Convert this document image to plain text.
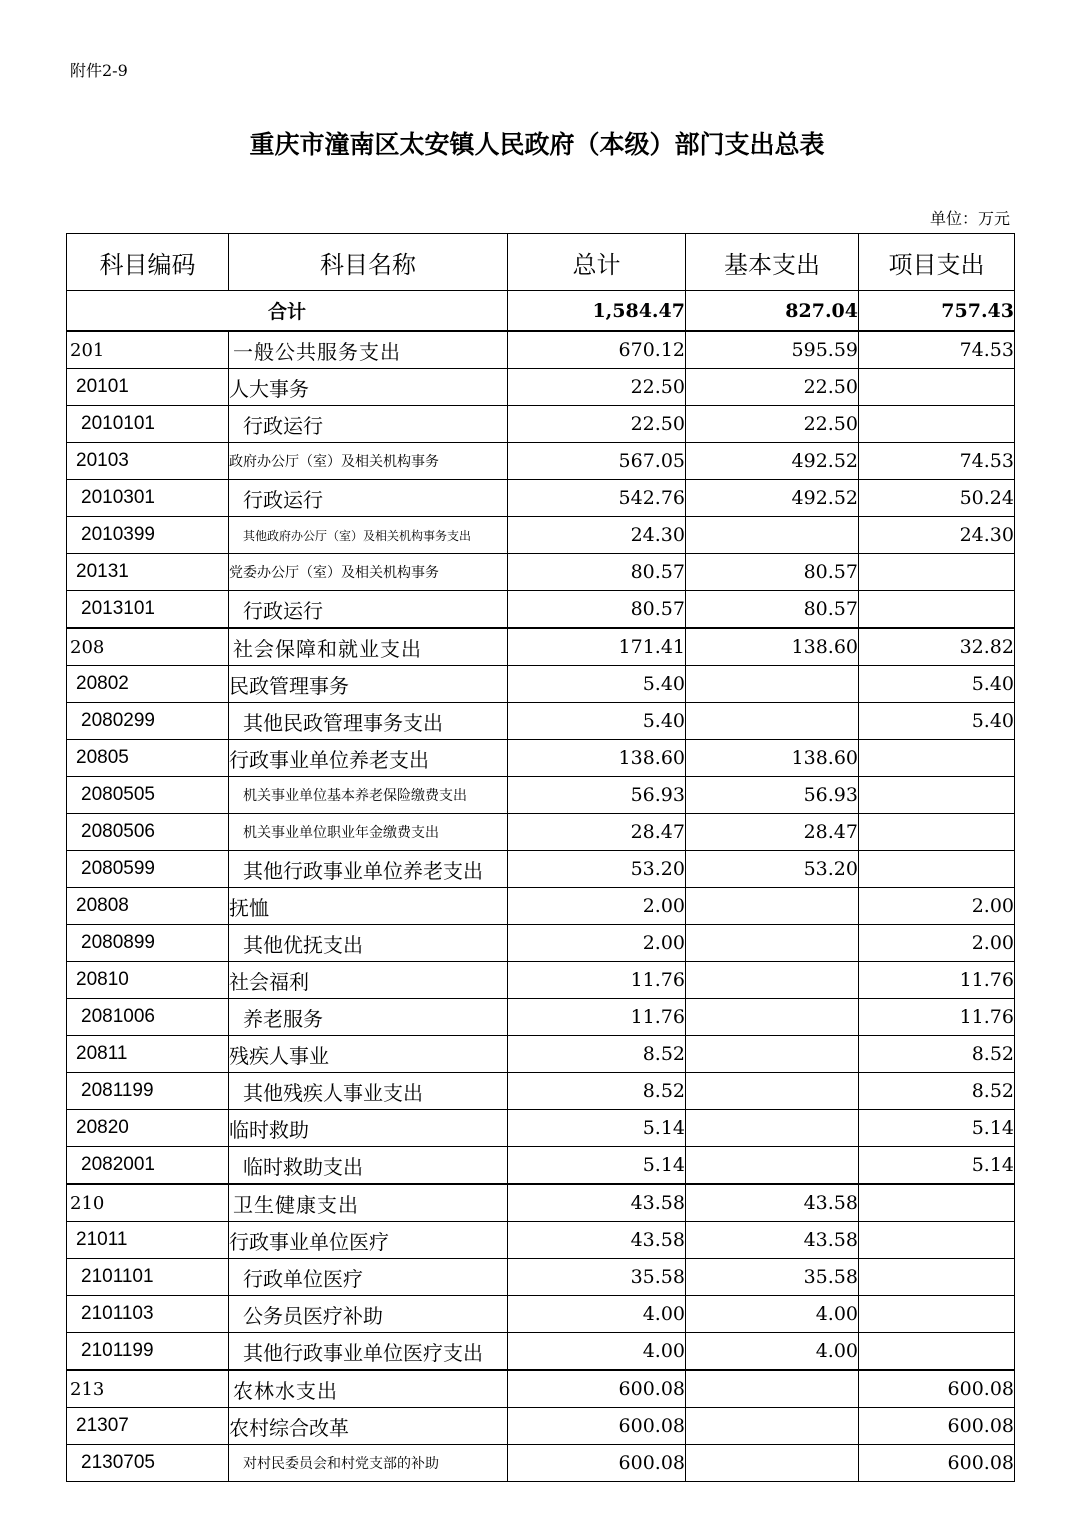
附件2-9
重庆市潼南区太安镇人民政府（本级）部门支出总表
单位：万元
科目编码	科目名称	总计	基本支出	项目支出
合计		1,584.47	827.04	757.43
201	一般公共服务支出	670.12	595.59	74.53
20101	人大事务	22.50	22.50	
2010101	行政运行	22.50	22.50	
20103	政府办公厅（室）及相关机构事务	567.05	492.52	74.53
2010301	行政运行	542.76	492.52	50.24
2010399	其他政府办公厅（室）及相关机构事务支出	24.30		24.30
20131	党委办公厅（室）及相关机构事务	80.57	80.57	
2013101	行政运行	80.57	80.57	
208	社会保障和就业支出	171.41	138.60	32.82
20802	民政管理事务	5.40		5.40
2080299	其他民政管理事务支出	5.40		5.40
20805	行政事业单位养老支出	138.60	138.60	
2080505	机关事业单位基本养老保险缴费支出	56.93	56.93	
2080506	机关事业单位职业年金缴费支出	28.47	28.47	
2080599	其他行政事业单位养老支出	53.20	53.20	
20808	抚恤	2.00		2.00
2080899	其他优抚支出	2.00		2.00
20810	社会福利	11.76		11.76
2081006	养老服务	11.76		11.76
20811	残疾人事业	8.52		8.52
2081199	其他残疾人事业支出	8.52		8.52
20820	临时救助	5.14		5.14
2082001	临时救助支出	5.14		5.14
210	卫生健康支出	43.58	43.58	
21011	行政事业单位医疗	43.58	43.58	
2101101	行政单位医疗	35.58	35.58	
2101103	公务员医疗补助	4.00	4.00	
2101199	其他行政事业单位医疗支出	4.00	4.00	
213	农林水支出	600.08		600.08
21307	农村综合改革	600.08		600.08
2130705	对村民委员会和村党支部的补助	600.08		600.08
